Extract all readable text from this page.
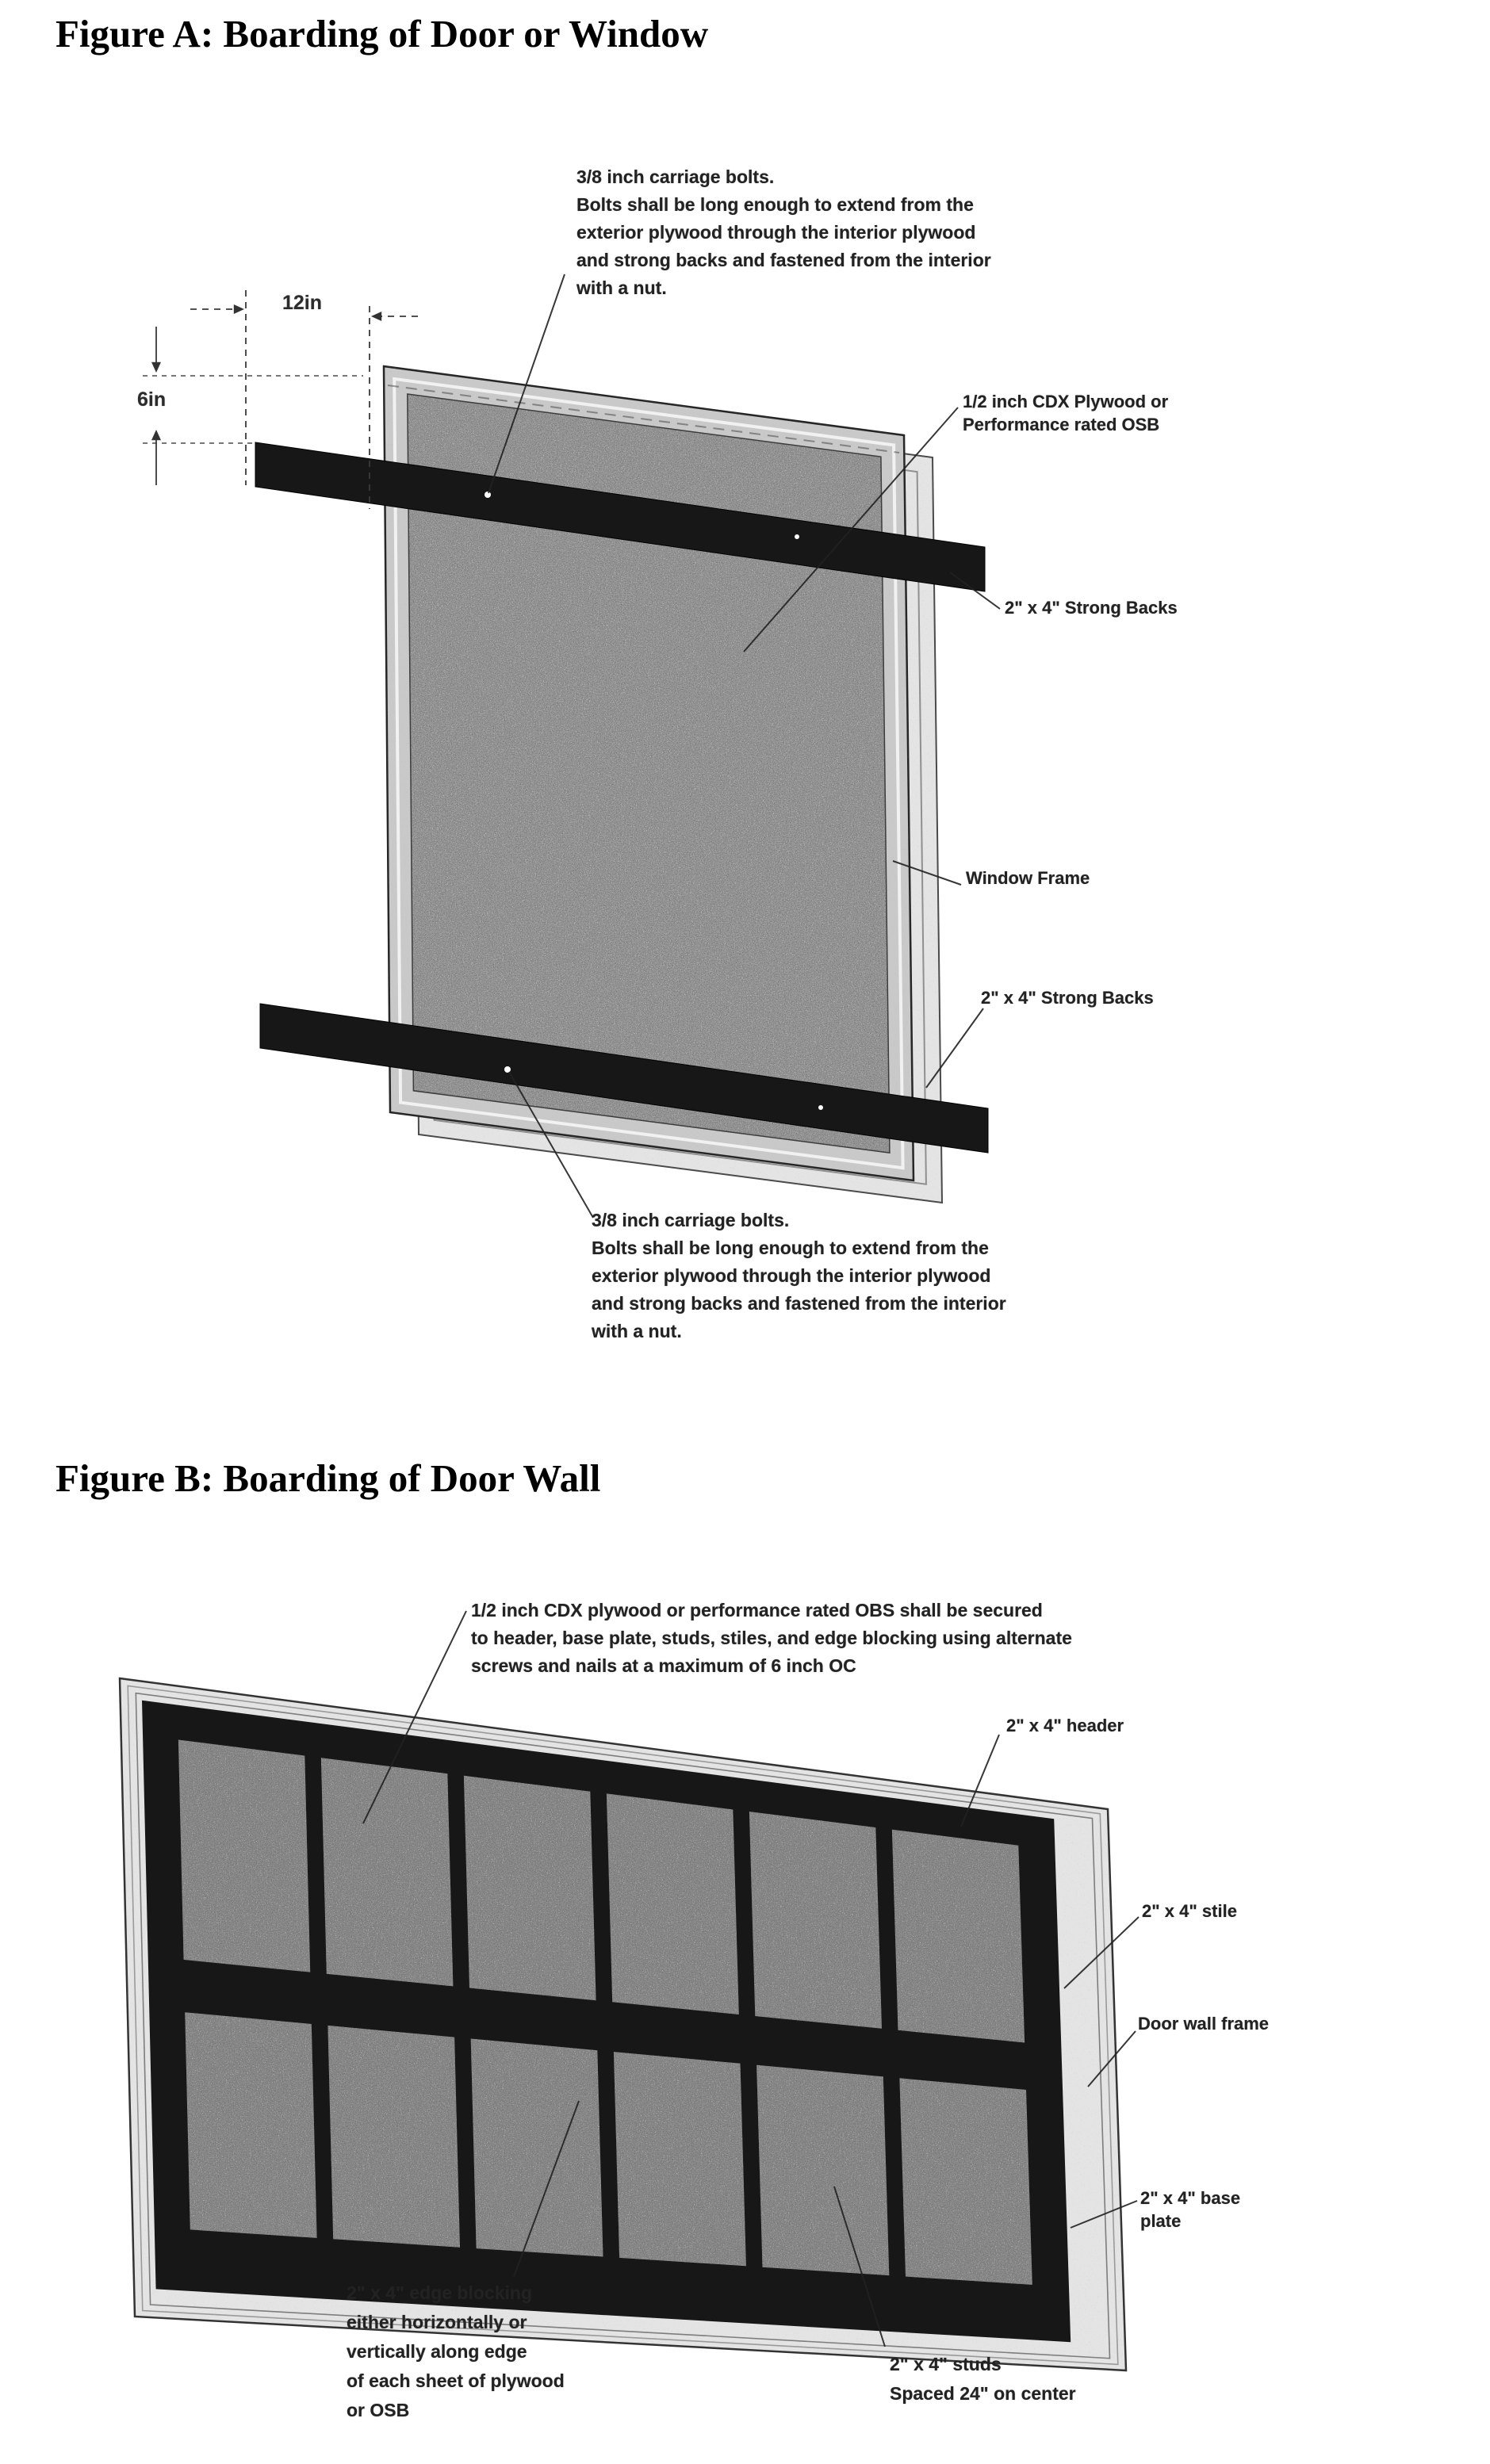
Figure A: Boarding of Door or Window
3/8 inch carriage bolts.
Bolts shall be long enough to extend from the
exterior plywood through the interior plywood
and strong backs and fastened from the interior
with a nut.
12in
6in	1/2 inch CDX Plywood or
Performance rated OSB
2" x 4" Strong Backs
Window Frame
2" x 4" Strong Backs
3/8 inch carriage bolts.
Bolts shall be long enough to extend from the
exterior plywood through the interior plywood
and strong backs and fastened from the interior
with a nut.
Figure B: Boarding of Door Wall
1/2 inch CDX plywood or performance rated OBS shall be secured
to header, base plate, studs, stiles, and edge blocking using alternate
screws and nails at a maximum of 6 inch OC
2" x 4" header
2" x 4" stile
Door wall frame
2" x 4" base
plate
2" x 4" edge blocking
either horizontally or
vertically along edge
of each sheet of plywood
or OSB
2" x 4" studs
Spaced 24" on center
